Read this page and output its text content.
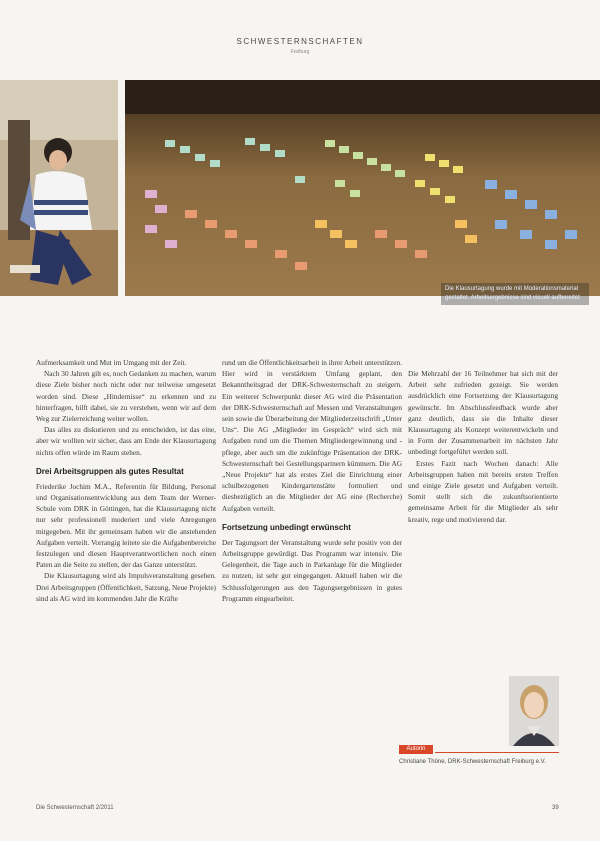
SCHWESTERNSCHAFTEN
Freiburg
Die Klausurtagung wurde mit Moderationsmaterial gestaltet, Arbeitsergebnisse sind visuell aufbereitet

Aufmerksamkeit und Mut im Umgang mit der Zeit.

Nach 30 Jahren gilt es, noch Gedanken zu machen, warum diese Ziele bisher noch nicht oder nur teilweise umgesetzt worden sind. Diese „Hindernisse“ zu erkennen und zu hinterfragen, hilft dabei, sie zu verstehen, wenn wir auf dem Weg zur Zielerreichung weiter wollen.

Das alles zu diskutieren und zu entscheiden, ist das eine, aber wir wollten wir sicher, dass am Ende der Klausurtagung nichts offen würde im Raum stehen.

Drei Arbeitsgruppen als gutes Resultat

Friederike Jochim M.A., Referentin für Bildung, Personal und Organisationsentwicklung aus dem Team der Werner-Schule vom DRK in Göttingen, hat die Klausurtagung nicht nur sehr professionell moderiert und viele Anregungen mitgegeben. Mit ihr gemeinsam haben wir die anstehenden Aufgaben verteilt. Vorrangig leitete sie die Aufgabenbereiche festzulegen und diesen Hauptverantwortlichen noch einen Paten an die Seite zu stellen, der das Ganze unterstützt.

Die Klausurtagung wird als Impulsveranstaltung gesehen. Drei Arbeitsgruppen (Öffentlichkeit, Satzung, Neue Projekte) sind als AG wird im kommenden Jahr die Kräfte

rund um die Öffentlichkeitsarbeit in ihrer Arbeit unterstützen. Hier wird in verstärktem Umfang geplant, den Bekanntheitsgrad der DRK-Schwesternschaft zu steigern. Ein weiterer Schwerpunkt dieser AG wird die Präsentation der DRK-Schwesternschaft auf Messen und Veranstaltungen sein sowie die Überarbeitung der Mitgliederzeitschrift „Unter Uns“. Die AG „Mitglieder im Gespräch“ wird sich mit Aufgaben rund um die Themen Mitgliedergewinnung und -pflege, aber auch um die zukünftige Präsentation der DRK-Schwesternschaft bei Gestellungspartnern kümmern. Die AG „Neue Projekte“ hat als erstes Ziel die Einrichtung einer schulbezogenen Kindergartenstätte formuliert und diesbezüglich an die Mitglieder der AG eine (Recherche) Aufgaben verteilt.

Fortsetzung unbedingt erwünscht

Der Tagungsort der Veranstaltung wurde sehr positiv von der Arbeitsgruppe gewürdigt. Das Programm war intensiv. Die Gelegenheit, die Tage auch in Parkanlage für die Mitglieder zu nutzen, ist sehr gut eingegangen. Aktuell haben wir die Schlussfolgerungen aus den Tagungsergebnissen in gutes Programm eingearbeitet.

Die Mehrzahl der 16 Teilnehmer hat sich mit der Arbeit sehr zufrieden gezeigt. Sie werden ausdrücklich eine Fortsetzung der Klausurtagung gewünscht. Im Abschlussfeedback wurde aber ganz deutlich, dass sie die Inhalte dieser Klausurtagung als Konzept weiterentwickeln und in Form der Zusammenarbeit im nächsten Jahr unbedingt fortgeführt werden soll.

Erstes Fazit nach Wochen danach: Alle Arbeitsgruppen haben mit bereits ersten Treffen und einige Ziele gesetzt und Aufgaben verteilt. Somit stellt sich die zukunftsorientierte gemeinsame Arbeit für die Mitglieder als sehr kreativ, rege und motivierend dar.

Autorin
Christiane Thöne, DRK-Schwesternschaft Freiburg e.V.
Die Schwesternschaft 2/2011	39
